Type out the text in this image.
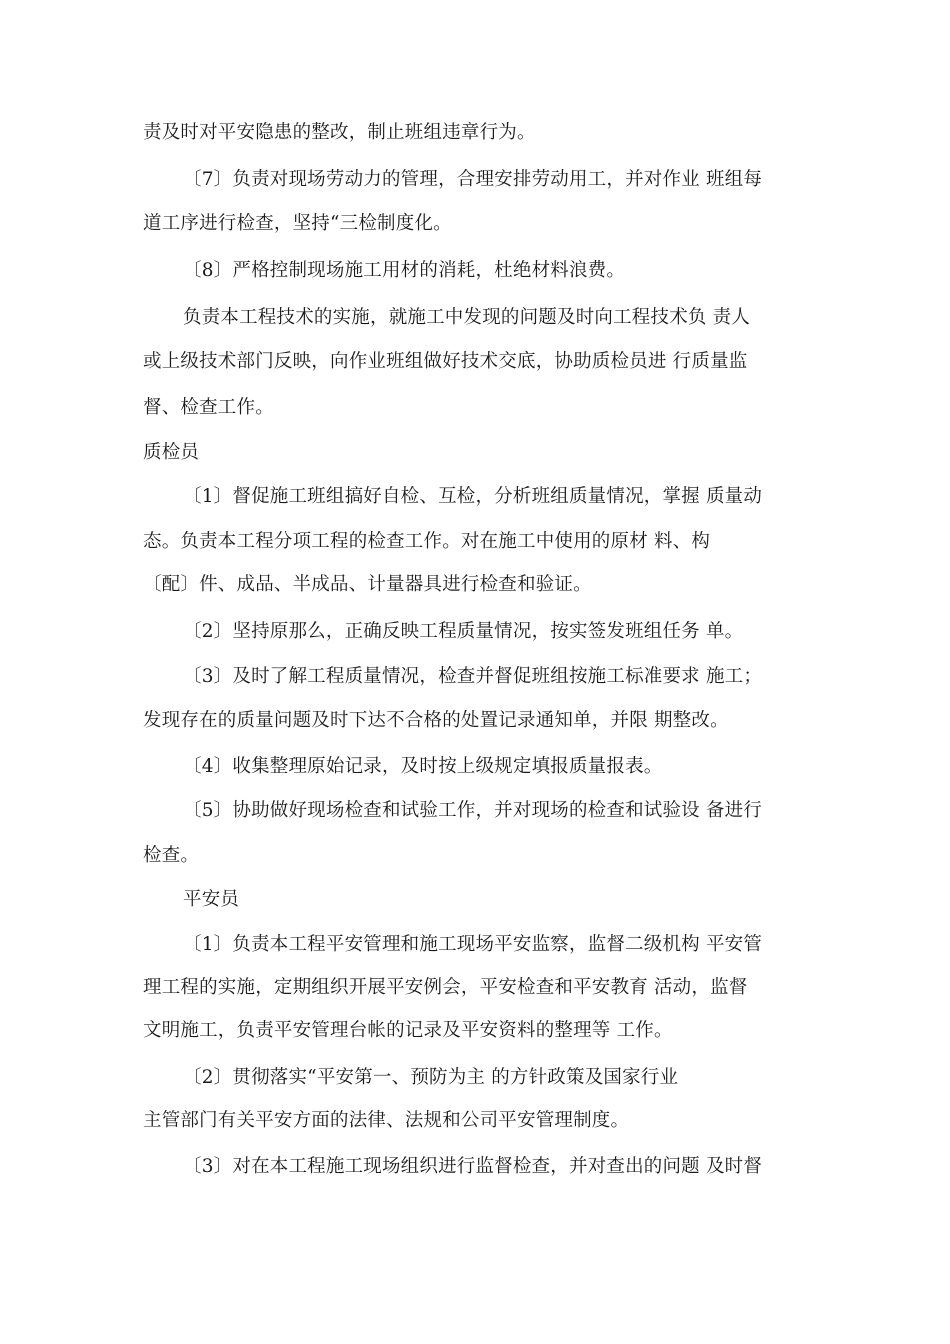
责及时对平安隐患的整改，制止班组违章行为。
〔7〕负责对现场劳动力的管理，合理安排劳动用工，并对作业 班组每
道工序进行检查，坚持“三检制度化。
〔8〕严格控制现场施工用材的消耗，杜绝材料浪费。
负责本工程技术的实施，就施工中发现的问题及时向工程技术负 责人
或上级技术部门反映，向作业班组做好技术交底，协助质检员进 行质量监
督、检查工作。
质检员
〔1〕督促施工班组搞好自检、互检，分析班组质量情况，掌握 质量动
态。负责本工程分项工程的检查工作。对在施工中使用的原材 料、构
〔配〕件、成品、半成品、计量器具进行检查和验证。
〔2〕坚持原那么，正确反映工程质量情况，按实签发班组任务 单。
〔3〕及时了解工程质量情况，检查并督促班组按施工标准要求 施工；
发现存在的质量问题及时下达不合格的处置记录通知单，并限 期整改。
〔4〕收集整理原始记录，及时按上级规定填报质量报表。
〔5〕协助做好现场检查和试验工作，并对现场的检查和试验设 备进行
检查。
平安员
〔1〕负责本工程平安管理和施工现场平安监察，监督二级机构 平安管
理工程的实施，定期组织开展平安例会，平安检查和平安教育 活动，监督
文明施工，负责平安管理台帐的记录及平安资料的整理等 工作。
〔2〕贯彻落实“平安第一、预防为主 的方针政策及国家行业
主管部门有关平安方面的法律、法规和公司平安管理制度。
〔3〕对在本工程施工现场组织进行监督检查，并对查出的问题 及时督
